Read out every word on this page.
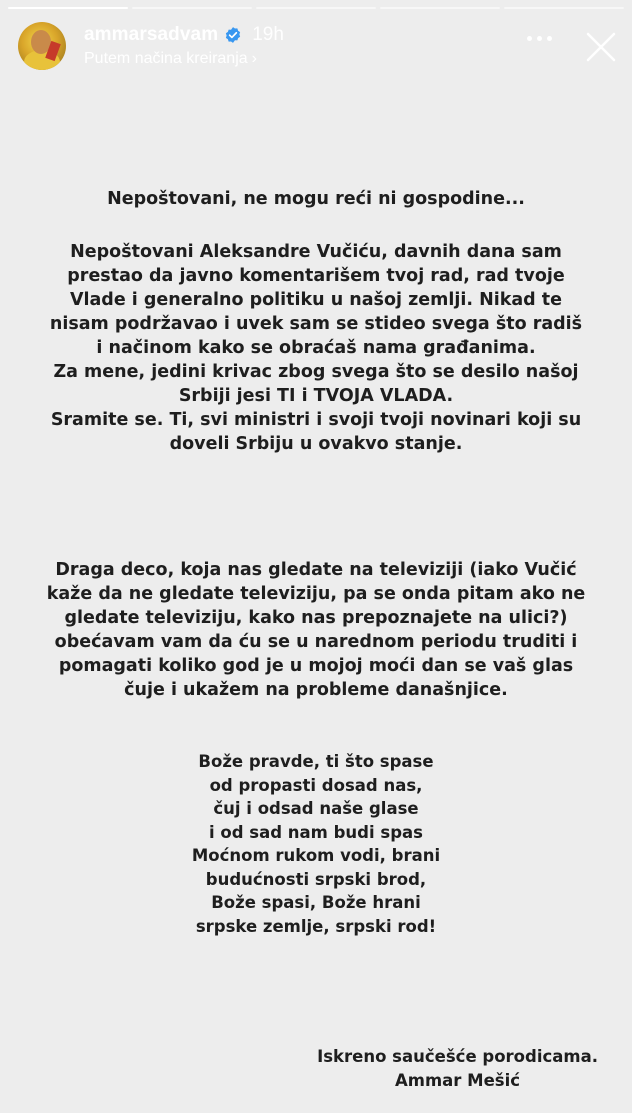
ammarsadvam 19h
Putem načina kreiranja ›
Nepoštovani, ne mogu reći ni gospodine...
Nepoštovani Aleksandre Vučiću, davnih dana sam
prestao da javno komentarišem tvoj rad, rad tvoje
Vlade i generalno politiku u našoj zemlji. Nikad te
nisam podržavao i uvek sam se stideo svega što radiš
i načinom kako se obraćaš nama građanima.
Za mene, jedini krivac zbog svega što se desilo našoj
Srbiji jesi TI i TVOJA VLADA.
Sramite se. Ti, svi ministri i svoji tvoji novinari koji su
doveli Srbiju u ovakvo stanje.
Draga deco, koja nas gledate na televiziji (iako Vučić
kaže da ne gledate televiziju, pa se onda pitam ako ne
gledate televiziju, kako nas prepoznajete na ulici?)
obećavam vam da ću se u narednom periodu truditi i
pomagati koliko god je u mojoj moći dan se vaš glas
čuje i ukažem na probleme današnjice.
Bože pravde, ti što spase
od propasti dosad nas,
čuj i odsad naše glase
i od sad nam budi spas
Moćnom rukom vodi, brani
budućnosti srpski brod,
Bože spasi, Bože hrani
srpske zemlje, srpski rod!
Iskreno saučešće porodicama.
Ammar Mešić
